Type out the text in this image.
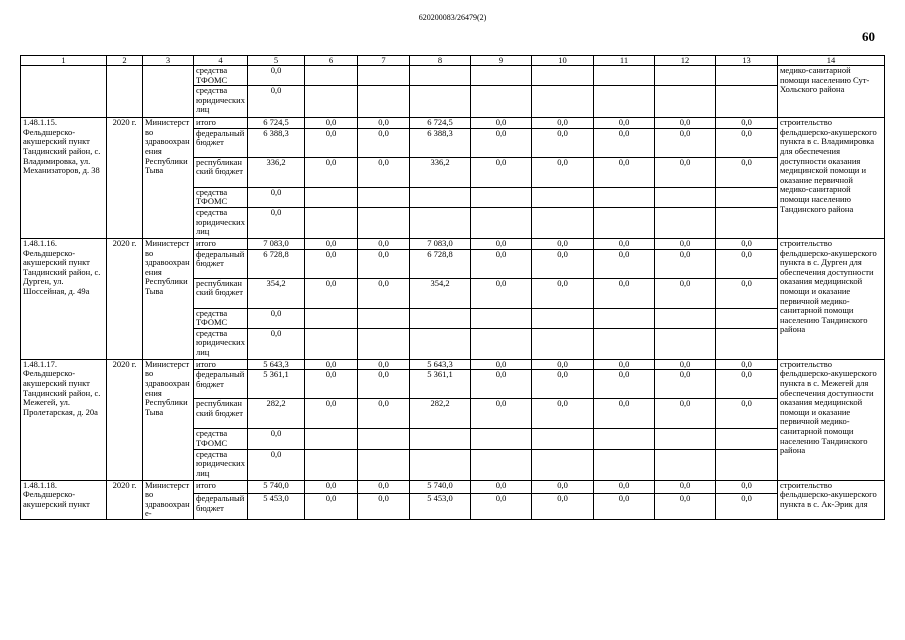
620200083/26479(2)
60
1	2	3	4	5	6	7	8	9	10	11	12	13	14
			средства ТФОМС	0,0									медико-санитарной помощи населению Сут-Хольского района
			средства юридических лиц	0,0									
1.48.1.15. Фельдшерско-акушерский пункт Тандинский район, с. Владимировка, ул. Механизаторов, д. 38	2020 г.	Министерство здравоохранения Республики Тыва	итого	6 724,5	0,0	0,0	6 724,5	0,0	0,0	0,0	0,0	0,0	строительство фельдшерско-акушерского пункта в с. Владимировка для обеспечения доступности оказания медицинской помощи и оказание первичной медико-санитарной помощи населению Тандинского района
			федеральный бюджет	6 388,3	0,0	0,0	6 388,3	0,0	0,0	0,0	0,0	0,0	
			республиканский бюджет	336,2	0,0	0,0	336,2	0,0	0,0	0,0	0,0	0,0	
			средства ТФОМС	0,0									
			средства юридических лиц	0,0									
1.48.1.16. Фельдшерско-акушерский пункт Тандинский район, с. Дурген, ул. Шоссейная, д. 49а	2020 г.	Министерство здравоохранения Республики Тыва	итого	7 083,0	0,0	0,0	7 083,0	0,0	0,0	0,0	0,0	0,0	строительство фельдшерско-акушерского пункта в с. Дурген для обеспечения доступности оказания медицинской помощи и оказание первичной медико-санитарной помощи населению Тандинского района
			федеральный бюджет	6 728,8	0,0	0,0	6 728,8	0,0	0,0	0,0	0,0	0,0	
			республиканский бюджет	354,2	0,0	0,0	354,2	0,0	0,0	0,0	0,0	0,0	
			средства ТФОМС	0,0									
			средства юридических лиц	0,0									
1.48.1.17. Фельдшерско-акушерский пункт Тандинский район, с. Межегей, ул. Пролетарская, д. 20а	2020 г.	Министерство здравоохранения Республики Тыва	итого	5 643,3	0,0	0,0	5 643,3	0,0	0,0	0,0	0,0	0,0	строительство фельдшерско-акушерского пункта в с. Межегей для обеспечения доступности оказания медицинской помощи и оказание первичной медико-санитарной помощи населению Тандинского района
			федеральный бюджет	5 361,1	0,0	0,0	5 361,1	0,0	0,0	0,0	0,0	0,0	
			республиканский бюджет	282,2	0,0	0,0	282,2	0,0	0,0	0,0	0,0	0,0	
			средства ТФОМС	0,0									
			средства юридических лиц	0,0									
1.48.1.18. Фельдшерско-акушерский пункт	2020 г.	Министерство здравоохране-	итого	5 740,0	0,0	0,0	5 740,0	0,0	0,0	0,0	0,0	0,0	строительство фельдшерско-акушерского пункта в с. Ак-Эрик для
			федеральный бюджет	5 453,0	0,0	0,0	5 453,0	0,0	0,0	0,0	0,0	0,0	
